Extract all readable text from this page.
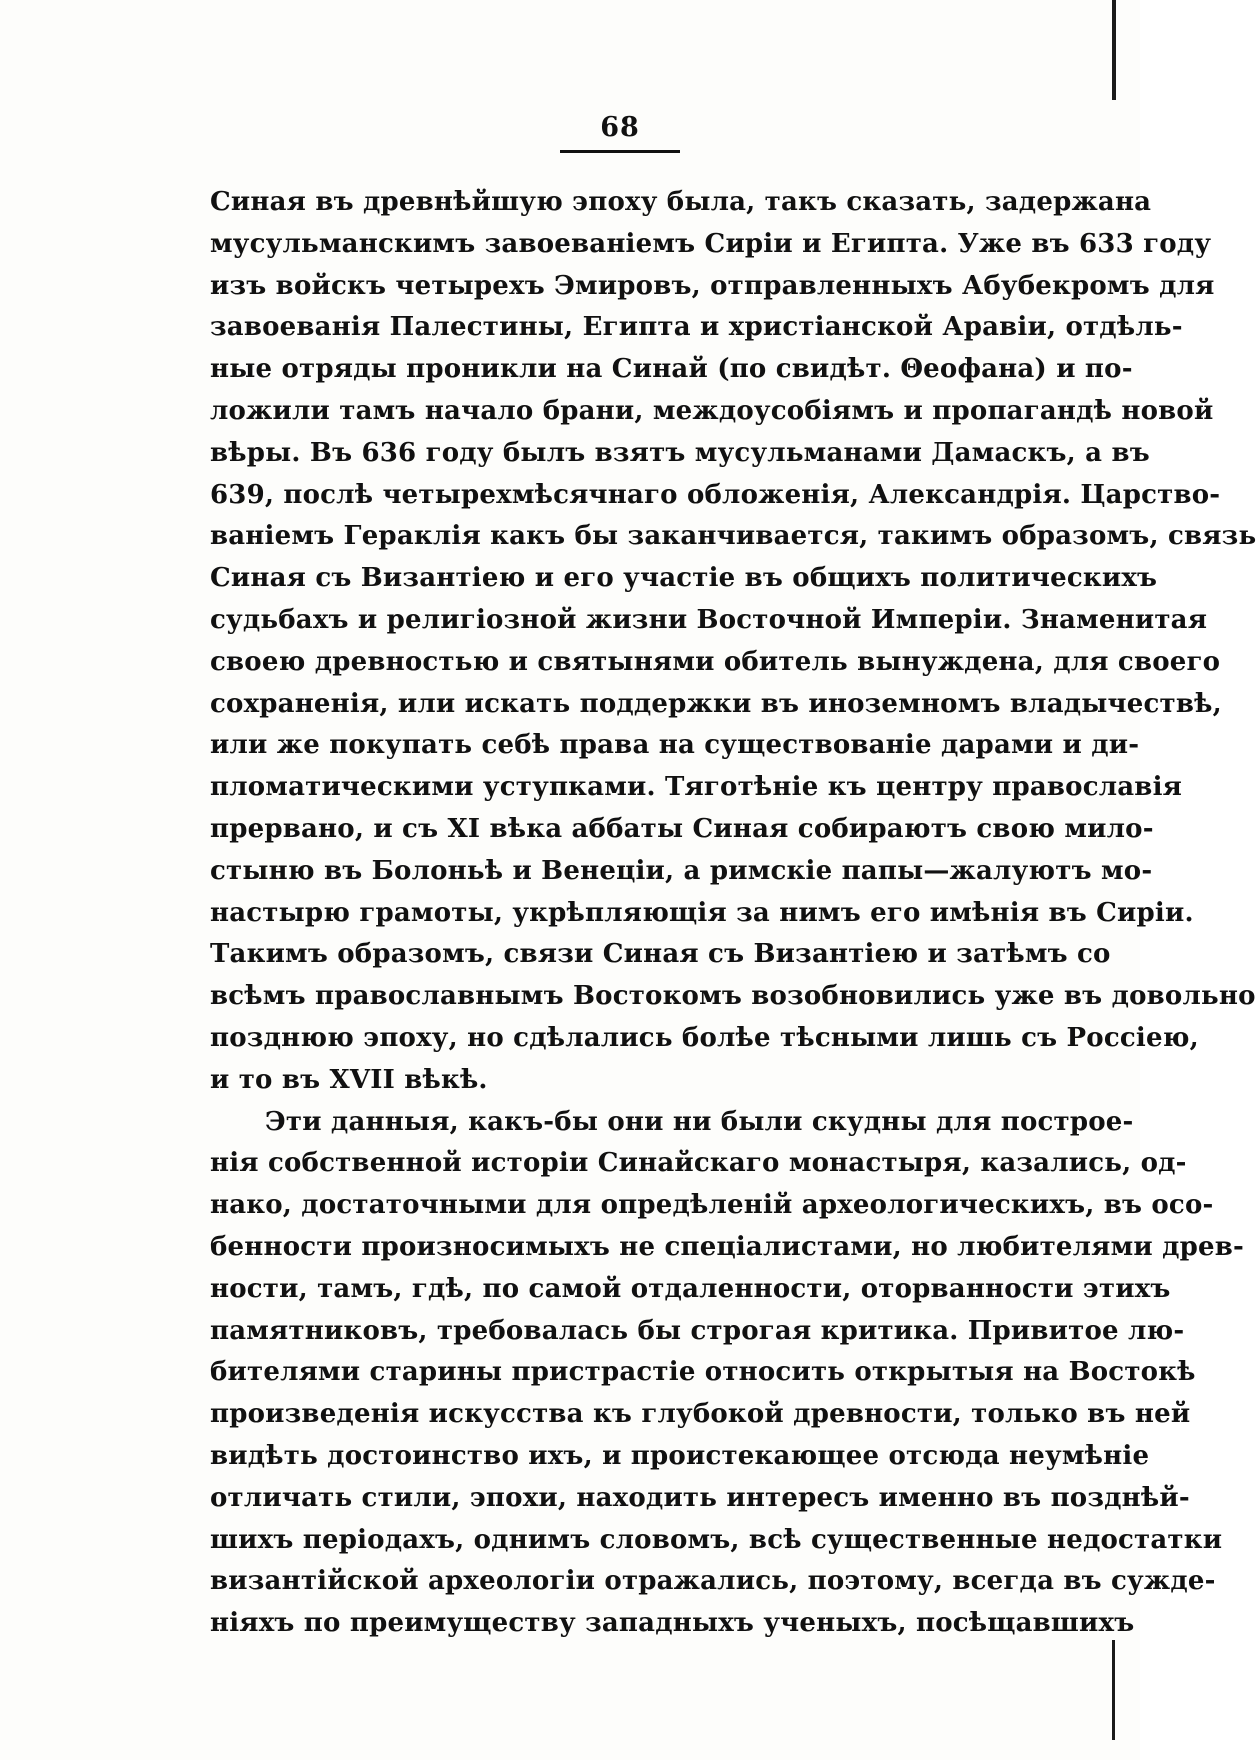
68
Синая въ древнѣйшую эпоху была, такъ сказать, задержана
мусульманскимъ завоеваніемъ Сиріи и Египта. Уже въ 633 году
изъ войскъ четырехъ Эмировъ, отправленныхъ Абубекромъ для
завоеванія Палестины, Египта и христіанской Аравіи, отдѣль-
ные отряды проникли на Синай (по свидѣт. Θеофана) и по-
ложили тамъ начало брани, междоусобіямъ и пропагандѣ новой
вѣры. Въ 636 году былъ взятъ мусульманами Дамаскъ, а въ
639, послѣ четырехмѣсячнаго обложенія, Александрія. Царство-
ваніемъ Гераклія какъ бы заканчивается, такимъ образомъ, связь
Синая съ Византіею и его участіе въ общихъ политическихъ
судьбахъ и религіозной жизни Восточной Имперіи. Знаменитая
своею древностью и святынями обитель вынуждена, для своего
сохраненія, или искать поддержки въ иноземномъ владычествѣ,
или же покупать себѣ права на существованіе дарами и ди-
пломатическими уступками. Тяготѣніе къ центру православія
прервано, и съ XI вѣка аббаты Синая собираютъ свою мило-
стыню въ Болоньѣ и Венеціи, а римскіе папы—жалуютъ мо-
настырю грамоты, укрѣпляющія за нимъ его имѣнія въ Сиріи.
Такимъ образомъ, связи Синая съ Византіею и затѣмъ со
всѣмъ православнымъ Востокомъ возобновились уже въ довольно
позднюю эпоху, но сдѣлались болѣе тѣсными лишь съ Россіею,
и то въ XVII вѣкѣ.
Эти данныя, какъ-бы они ни были скудны для построе-
нія собственной исторіи Синайскаго монастыря, казались, од-
нако, достаточными для опредѣленій археологическихъ, въ осо-
бенности произносимыхъ не спеціалистами, но любителями древ-
ности, тамъ, гдѣ, по самой отдаленности, оторванности этихъ
памятниковъ, требовалась бы строгая критика. Привитое лю-
бителями старины пристрастіе относить открытыя на Востокѣ
произведенія искусства къ глубокой древности, только въ ней
видѣть достоинство ихъ, и проистекающее отсюда неумѣніе
отличать стили, эпохи, находить интересъ именно въ позднѣй-
шихъ періодахъ, однимъ словомъ, всѣ существенные недостатки
византійской археологіи отражались, поэтому, всегда въ сужде-
ніяхъ по преимуществу западныхъ ученыхъ, посѣщавшихъ
